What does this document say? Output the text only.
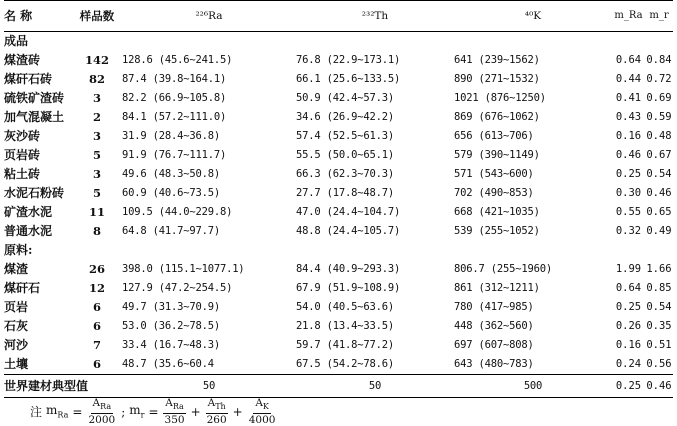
名 称	样品数	²²⁶Ra	²³²Th	⁴⁰K	m_Ra	m_r
成品						
煤渣砖	142	128.6 (45.6~241.5)	76.8 (22.9~173.1)	641 (239~1562)	0.64	0.84
煤矸石砖	82	87.4 (39.8~164.1)	66.1 (25.6~133.5)	890 (271~1532)	0.44	0.72
硫铁矿渣砖	3	82.2 (66.9~105.8)	50.9 (42.4~57.3)	1021 (876~1250)	0.41	0.69
加气混凝土	2	84.1 (57.2~111.0)	34.6 (26.9~42.2)	869 (676~1062)	0.43	0.59
灰沙砖	3	31.9 (28.4~36.8)	57.4 (52.5~61.3)	656 (613~706)	0.16	0.48
页岩砖	5	91.9 (76.7~111.7)	55.5 (50.0~65.1)	579 (390~1149)	0.46	0.67
粘土砖	3	49.6 (48.3~50.8)	66.3 (62.3~70.3)	571 (543~600)	0.25	0.54
水泥石粉砖	5	60.9 (40.6~73.5)	27.7 (17.8~48.7)	702 (490~853)	0.30	0.46
矿渣水泥	11	109.5 (44.0~229.8)	47.0 (24.4~104.7)	668 (421~1035)	0.55	0.65
普通水泥	8	64.8 (41.7~97.7)	48.8 (24.4~105.7)	539 (255~1052)	0.32	0.49
原料:						
煤渣	26	398.0 (115.1~1077.1)	84.4 (40.9~293.3)	806.7 (255~1960)	1.99	1.66
煤矸石	12	127.9 (47.2~254.5)	67.9 (51.9~108.9)	861 (312~1211)	0.64	0.85
页岩	6	49.7 (31.3~70.9)	54.0 (40.5~63.6)	780 (417~985)	0.25	0.54
石灰	6	53.0 (36.2~78.5)	21.8 (13.4~33.5)	448 (362~560)	0.26	0.35
河沙	7	33.4 (16.7~48.3)	59.7 (41.8~77.2)	697 (607~808)	0.16	0.51
土壤	6	48.7 (35.6~60.4	67.5 (54.2~78.6)	643 (480~783)	0.24	0.56
世界建材典型值		50	50	500	0.25	0.46
注 $m_{Ra} = \frac{A_{Ra}}{2000}$ ; $m_r = \frac{A_{Ra}}{350} + \frac{A_{Th}}{260} + \frac{A_K}{4000}$
